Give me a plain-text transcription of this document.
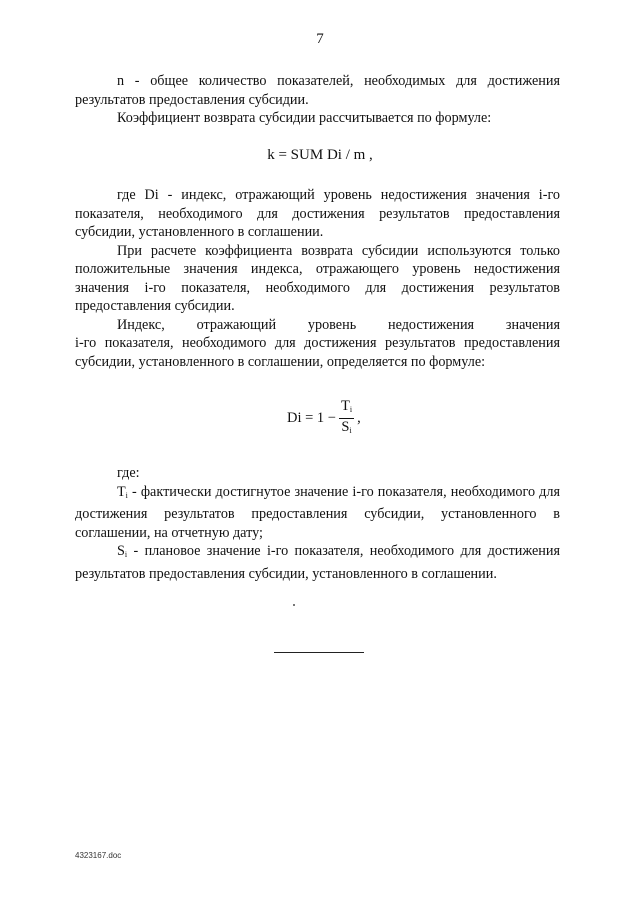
7

n - общее количество показателей, необходимых для достижения результатов предоставления субсидии.

Коэффициент возврата субсидии рассчитывается по формуле:

k = SUM Di / m ,

где Di - индекс, отражающий уровень недостижения значения i-го показателя, необходимого для достижения результатов предоставления субсидии, установленного в соглашении.

При расчете коэффициента возврата субсидии используются только положительные значения индекса, отражающего уровень недостижения значения i-го показателя, необходимого для достижения результатов предоставления субсидии.

Индекс, отражающий уровень недостижения значения

i-го показателя, необходимого для достижения результатов предоставления субсидии, установленного в соглашении, определяется по формуле:

$Di = 1 - \frac{T_i}{S_i}$ ,

где:

$T_i$ - фактически достигнутое значение i-го показателя, необходимого для достижения результатов предоставления субсидии, установленного в соглашении, на отчетную дату;

$S_i$ - плановое значение i-го показателя, необходимого для достижения результатов предоставления субсидии, установленного в соглашении.

4323167.doc
